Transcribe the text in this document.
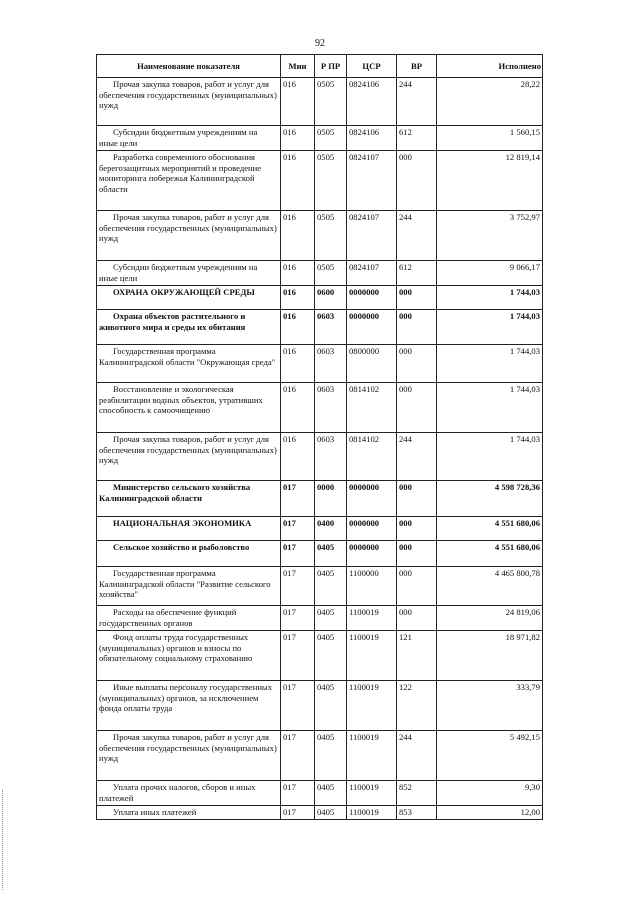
92
Наименование показателя	Мин	Р ПР	ЦСР	ВР	Исполнено
Прочая закупка товаров, работ и услуг для обеспечения государственных (муниципальных) нужд	016	0505	0824106	244	28,22
Субсидии бюджетным учреждениям на иные цели	016	0505	0824106	612	1 560,15
Разработка современного обоснования берегозащитных мероприятий и проведение мониторинга побережья Калининградской области	016	0505	0824107	000	12 819,14
Прочая закупка товаров, работ и услуг для обеспечения государственных (муниципальных) нужд	016	0505	0824107	244	3 752,97
Субсидии бюджетным учреждениям на иные цели	016	0505	0824107	612	9 066,17
ОХРАНА ОКРУЖАЮЩЕЙ СРЕДЫ	016	0600	0000000	000	1 744,03
Охрана объектов растительного и животного мира и среды их обитания	016	0603	0000000	000	1 744,03
Государственная программа Калининградской области "Окружающая среда"	016	0603	0800000	000	1 744,03
Восстановление и экологическая реабилитации водных объектов, утративших способность к самоочищению	016	0603	0814102	000	1 744,03
Прочая закупка товаров, работ и услуг для обеспечения государственных (муниципальных) нужд	016	0603	0814102	244	1 744,03
Министерство сельского хозяйства Калининградской области	017	0000	0000000	000	4 598 728,36
НАЦИОНАЛЬНАЯ ЭКОНОМИКА	017	0400	0000000	000	4 551 680,06
Сельское хозяйство и рыболовство	017	0405	0000000	000	4 551 680,06
Государственная программа Калининградской области "Развитие сельского хозяйства"	017	0405	1100000	000	4 465 800,78
Расходы на обеспечение функций государственных органов	017	0405	1100019	000	24 819,06
Фонд оплаты труда государственных (муниципальных) органов и взносы по обязательному социальному страхованию	017	0405	1100019	121	18 971,82
Иные выплаты персоналу государственных (муниципальных) органов, за исключением фонда оплаты труда	017	0405	1100019	122	333,79
Прочая закупка товаров, работ и услуг для обеспечения государственных (муниципальных) нужд	017	0405	1100019	244	5 492,15
Уплата прочих налогов, сборов и иных платежей	017	0405	1100019	852	9,30
Уплата иных платежей	017	0405	1100019	853	12,00
